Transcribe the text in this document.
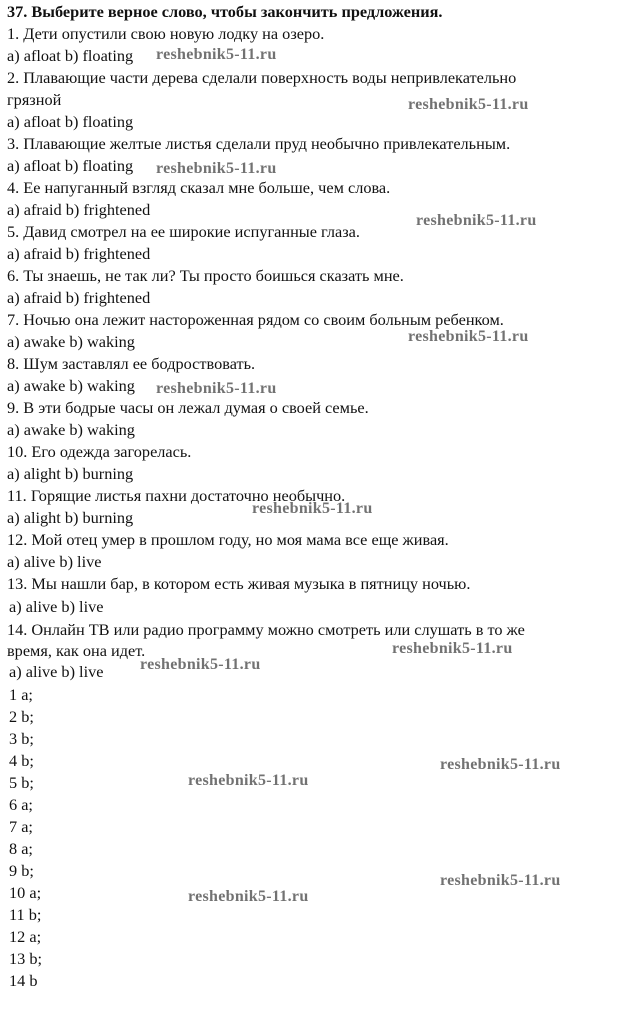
37. Выберите верное слово, чтобы закончить предложения.
1. Дети опустили свою новую лодку на озеро.
a) afloat b) floating
2. Плавающие части дерева сделали поверхность воды непривлекательно
грязной
a) afloat b) floating
3. Плавающие желтые листья сделали пруд необычно привлекательным.
a) afloat b) floating
4. Ее напуганный взгляд сказал мне больше, чем слова.
a) afraid b) frightened
5. Давид смотрел на ее широкие испуганные глаза.
a) afraid b) frightened
6. Ты знаешь, не так ли? Ты просто боишься сказать мне.
a) afraid b) frightened
7. Ночью она лежит настороженная рядом со своим больным ребенком.
a) awake b) waking
8. Шум заставлял ее бодроствовать.
a) awake b) waking
9. В эти бодрые часы он лежал думая о своей семье.
a) awake b) waking
10. Его одежда загорелась.
a) alight b) burning
11. Горящие листья пахни достаточно необычно.
a) alight b) burning
12. Мой отец умер в прошлом году, но моя мама все еще живая.
a) alive b) live
13. Мы нашли бар, в котором есть живая музыка в пятницу ночью.
a) alive b) live
14. Онлайн ТВ или радио программу можно смотреть или слушать в то же
время, как она идет.
a) alive b) live
1 a;
2 b;
3 b;
4 b;
5 b;
6 a;
7 a;
8 a;
9 b;
10 a;
11 b;
12 a;
13 b;
14 b
reshebnik5-11.ru
reshebnik5-11.ru
reshebnik5-11.ru
reshebnik5-11.ru
reshebnik5-11.ru
reshebnik5-11.ru
reshebnik5-11.ru
reshebnik5-11.ru
reshebnik5-11.ru
reshebnik5-11.ru
reshebnik5-11.ru
reshebnik5-11.ru
reshebnik5-11.ru
